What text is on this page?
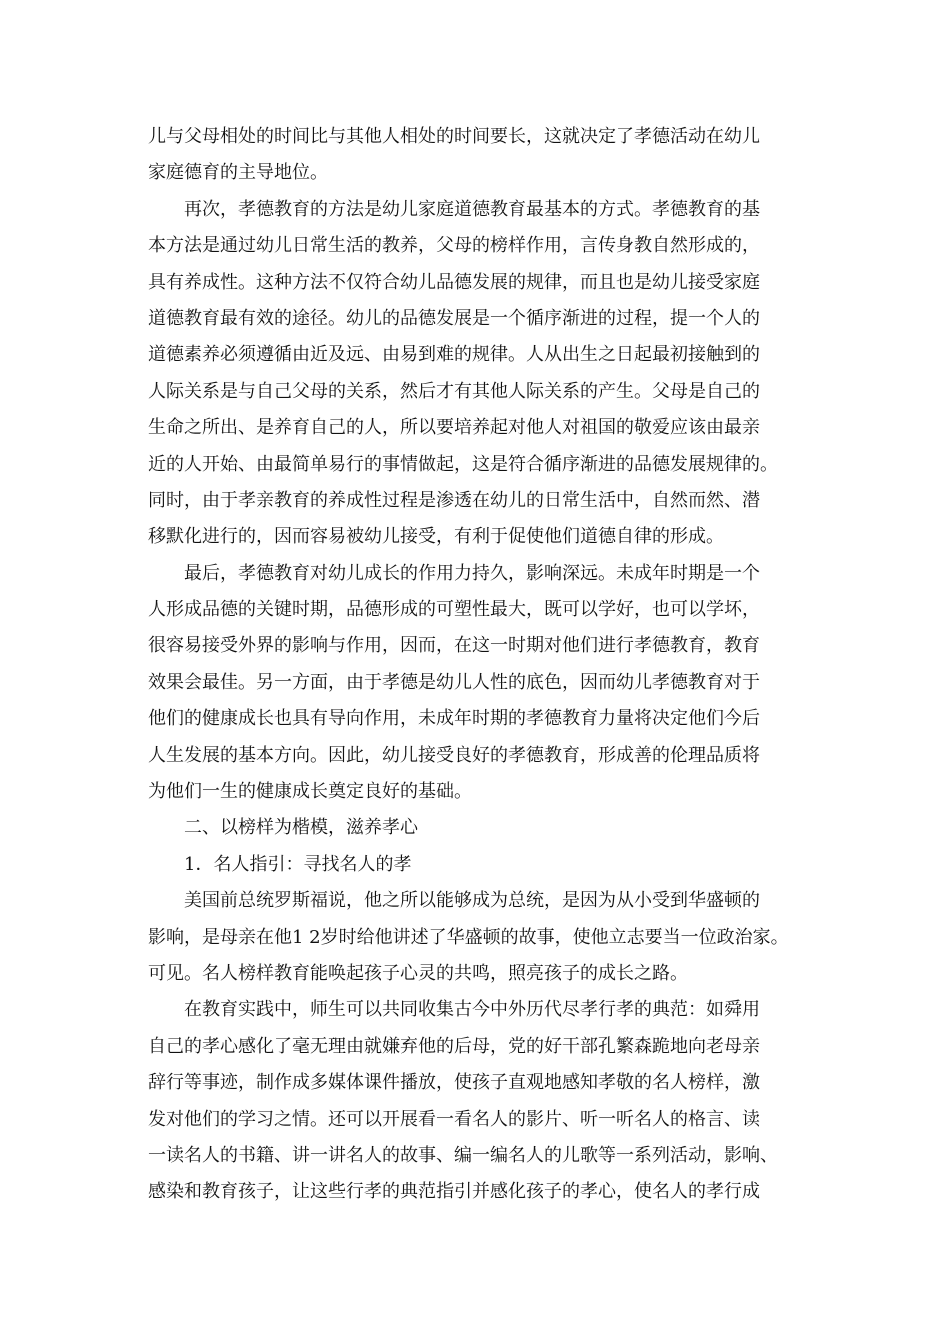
儿与父母相处的时间比与其他人相处的时间要长，这就决定了孝德活动在幼儿
家庭德育的主导地位。
再次，孝德教育的方法是幼儿家庭道德教育最基本的方式。孝德教育的基
本方法是通过幼儿日常生活的教养，父母的榜样作用，言传身教自然形成的，
具有养成性。这种方法不仅符合幼儿品德发展的规律，而且也是幼儿接受家庭
道德教育最有效的途径。幼儿的品德发展是一个循序渐进的过程，提一个人的
道德素养必须遵循由近及远、由易到难的规律。人从出生之日起最初接触到的
人际关系是与自己父母的关系，然后才有其他人际关系的产生。父母是自己的
生命之所出、是养育自己的人，所以要培养起对他人对祖国的敬爱应该由最亲
近的人开始、由最简单易行的事情做起，这是符合循序渐进的品德发展规律的。
同时，由于孝亲教育的养成性过程是渗透在幼儿的日常生活中，自然而然、潜
移默化进行的，因而容易被幼儿接受，有利于促使他们道德自律的形成。
最后，孝德教育对幼儿成长的作用力持久，影响深远。未成年时期是一个
人形成品德的关键时期，品德形成的可塑性最大，既可以学好，也可以学坏，
很容易接受外界的影响与作用，因而，在这一时期对他们进行孝德教育，教育
效果会最佳。另一方面，由于孝德是幼儿人性的底色，因而幼儿孝德教育对于
他们的健康成长也具有导向作用，未成年时期的孝德教育力量将决定他们今后
人生发展的基本方向。因此，幼儿接受良好的孝德教育，形成善的伦理品质将
为他们一生的健康成长奠定良好的基础。
二、以榜样为楷模，滋养孝心
1．名人指引：寻找名人的孝
美国前总统罗斯福说，他之所以能够成为总统，是因为从小受到华盛顿的
影响，是母亲在他1 2岁时给他讲述了华盛顿的故事，使他立志要当一位政治家。
可见。名人榜样教育能唤起孩子心灵的共鸣，照亮孩子的成长之路。
在教育实践中，师生可以共同收集古今中外历代尽孝行孝的典范：如舜用
自己的孝心感化了毫无理由就嫌弃他的后母，党的好干部孔繁森跪地向老母亲
辞行等事迹，制作成多媒体课件播放，使孩子直观地感知孝敬的名人榜样，激
发对他们的学习之情。还可以开展看一看名人的影片、听一听名人的格言、读
一读名人的书籍、讲一讲名人的故事、编一编名人的儿歌等一系列活动，影响、
感染和教育孩子，让这些行孝的典范指引并感化孩子的孝心，使名人的孝行成
